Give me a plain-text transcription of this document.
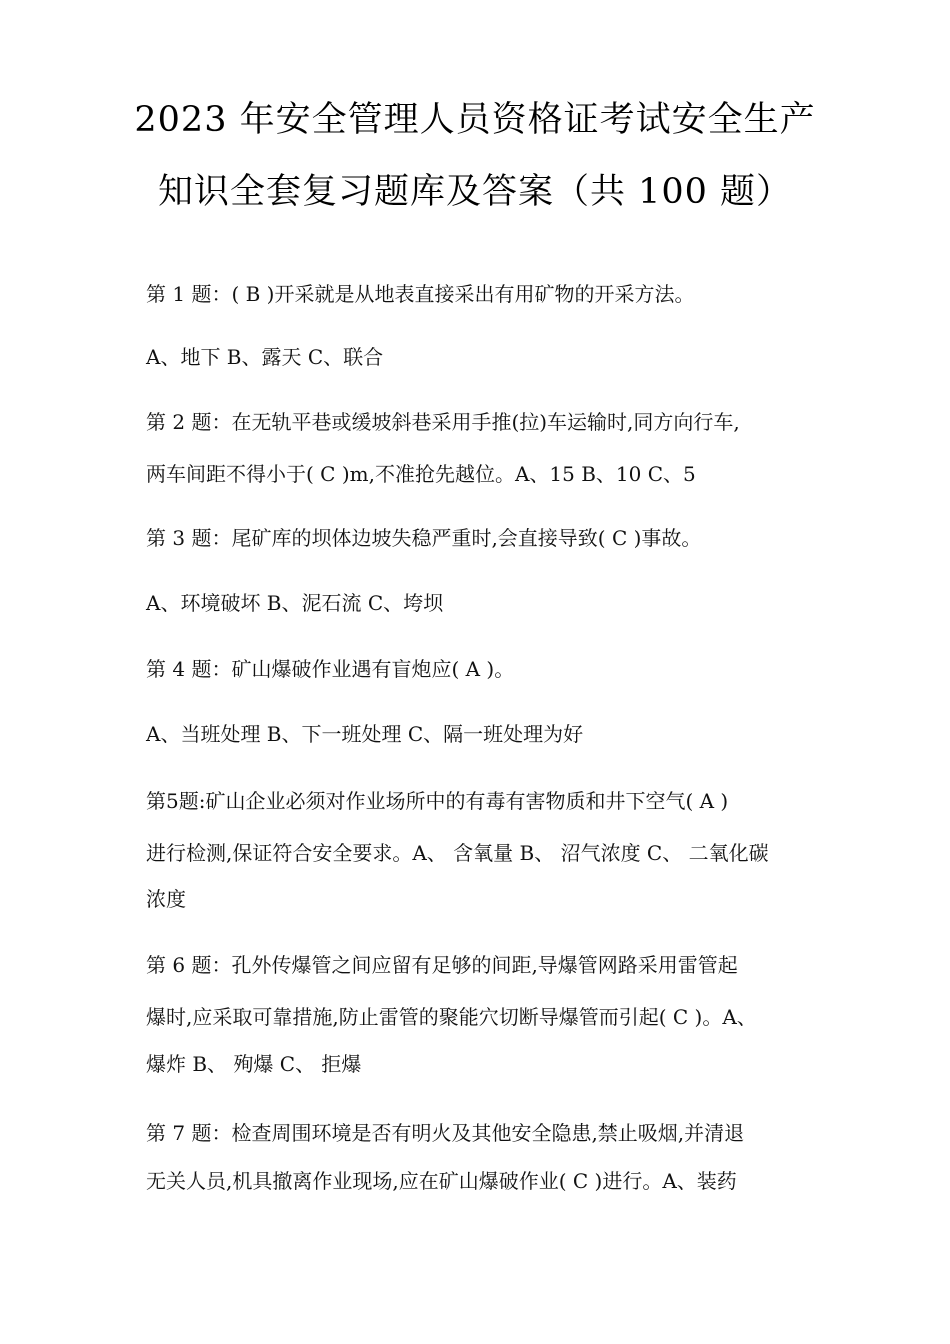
2023 年安全管理人员资格证考试安全生产
知识全套复习题库及答案（共 100 题）
第 1 题：( B )开采就是从地表直接采出有用矿物的开采方法。
A、地下 B、露天 C、联合
第 2 题：在无轨平巷或缓坡斜巷采用手推(拉)车运输时,同方向行车,
两车间距不得小于( C )m,不准抢先越位。A、15 B、10 C、5
第 3 题：尾矿库的坝体边坡失稳严重时,会直接导致( C )事故。
A、环境破坏 B、泥石流 C、垮坝
第 4 题：矿山爆破作业遇有盲炮应( A )。
A、当班处理 B、下一班处理 C、隔一班处理为好
第5题:矿山企业必须对作业场所中的有毒有害物质和井下空气( A )
进行检测,保证符合安全要求。A、 含氧量 B、 沼气浓度 C、 二氧化碳
浓度
第 6 题：孔外传爆管之间应留有足够的间距,导爆管网路采用雷管起
爆时,应采取可靠措施,防止雷管的聚能穴切断导爆管而引起( C )。A、
爆炸 B、 殉爆 C、 拒爆
第 7 题：检查周围环境是否有明火及其他安全隐患,禁止吸烟,并清退
无关人员,机具撤离作业现场,应在矿山爆破作业( C )进行。A、装药
